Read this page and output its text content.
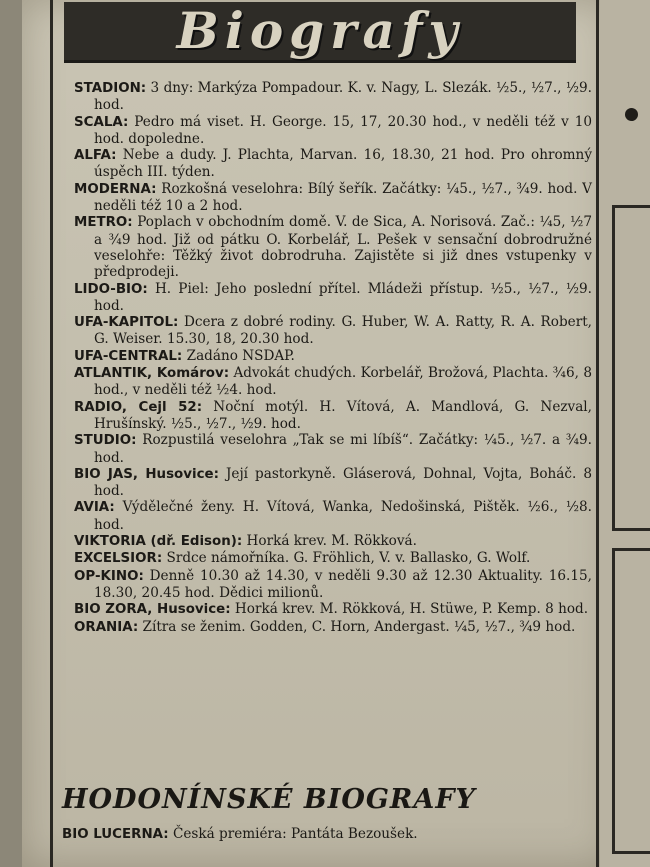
Biografy

STADION: 3 dny: Markýza Pompadour. K. v. Nagy, L. Slezák. ½5., ½7., ½9. hod.

SCALA: Pedro má viset. H. George. 15, 17, 20.30 hod., v neděli též v 10 hod. dopoledne.

ALFA: Nebe a dudy. J. Plachta, Marvan. 16, 18.30, 21 hod. Pro ohromný úspěch III. týden.

MODERNA: Rozkošná veselohra: Bílý šeřík. Začátky: ¼5., ½7., ¾9. hod. V neděli též 10 a 2 hod.

METRO: Poplach v obchodním domě. V. de Sica, A. Norisová. Zač.: ¼5, ½7 a ¾9 hod. Již od pátku O. Korbelář, L. Pešek v sensační dobrodružné veselohře: Těžký život dobrodruha. Zajistěte si již dnes vstupenky v předprodeji.

LIDO-BIO: H. Piel: Jeho poslední přítel. Mládeži přístup. ½5., ½7., ½9. hod.

UFA-KAPITOL: Dcera z dobré rodiny. G. Huber, W. A. Ratty, R. A. Robert, G. Weiser. 15.30, 18, 20.30 hod.

UFA-CENTRAL: Zadáno NSDAP.

ATLANTIK, Komárov: Advokát chudých. Korbelář, Brožová, Plachta. ¾6, 8 hod., v neděli též ½4. hod.

RADIO, Cejl 52: Noční motýl. H. Vítová, A. Mandlová, G. Nezval, Hrušínský. ½5., ½7., ½9. hod.

STUDIO: Rozpustilá veselohra „Tak se mi líbíš“. Začátky: ¼5., ½7. a ¾9. hod.

BIO JAS, Husovice: Její pastorkyně. Gláserová, Dohnal, Vojta, Boháč. 8 hod.

AVIA: Výdělečné ženy. H. Vítová, Wanka, Nedošinská, Pištěk. ½6., ½8. hod.

VIKTORIA (dř. Edison): Horká krev. M. Rökková.

EXCELSIOR: Srdce námořníka. G. Fröhlich, V. v. Ballasko, G. Wolf.

OP-KINO: Denně 10.30 až 14.30, v neděli 9.30 až 12.30 Aktuality. 16.15, 18.30, 20.45 hod. Dědici milionů.

BIO ZORA, Husovice: Horká krev. M. Rökková, H. Stüwe, P. Kemp. 8 hod.

ORANIA: Zítra se ženim. Godden, C. Horn, Andergast. ¼5, ½7., ¾9 hod.

HODONÍNSKÉ BIOGRAFY
BIO LUCERNA: Česká premiéra: Pantáta Bezoušek.
